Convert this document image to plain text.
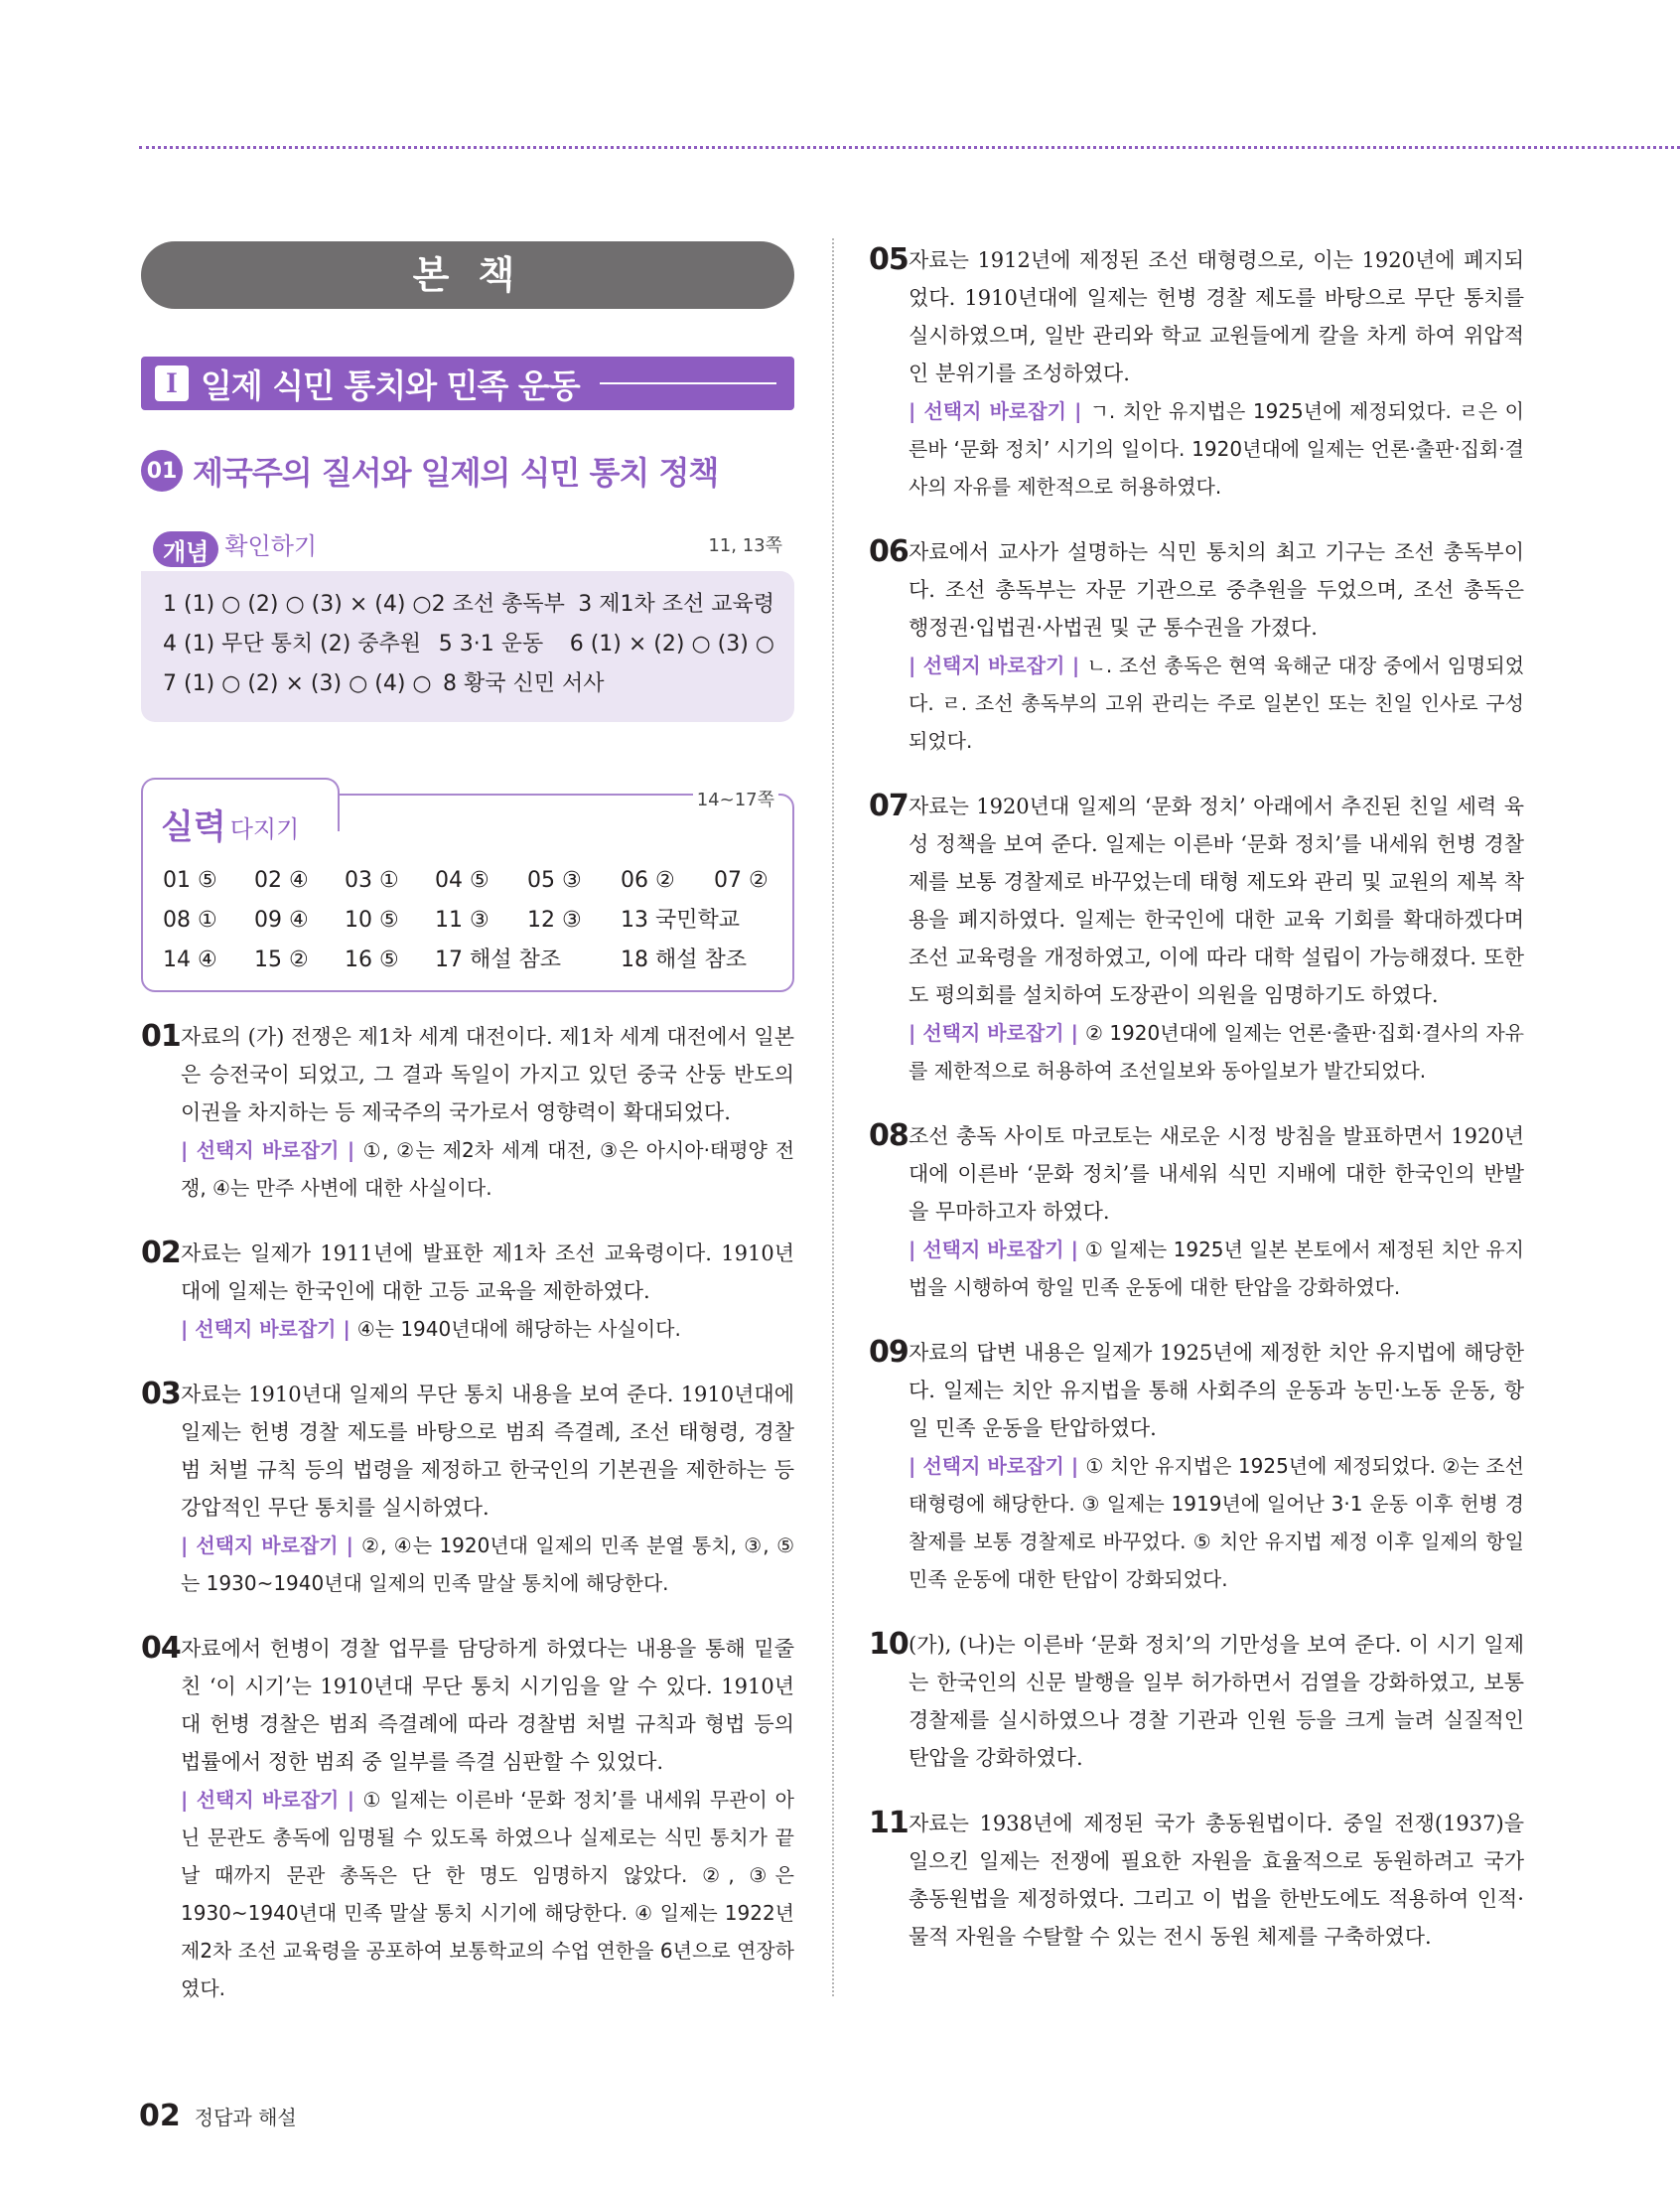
본 책
I 일제 식민 통치와 민족 운동
01 제국주의 질서와 일제의 식민 통치 정책
개념 확인하기	11, 13쪽
1 (1) ○ (2) ○ (3) × (4) ○ 2 조선 총독부 3 제1차 조선 교육령
4 (1) 무단 통치 (2) 중추원 5 3·1 운동	6 (1) × (2) ○ (3) ○
7 (1) ○ (2) × (3) ○ (4) ○ 8 황국 신민 서사
실력 다지기
14~17쪽
01 ⑤	02 ④	03 ①	04 ⑤	05 ③	06 ②	07 ②
08 ①	09 ④	10 ⑤	11 ③	12 ③	13 국민학교
14 ④	15 ②	16 ⑤	17 해설 참조	18 해설 참조
01 자료의 (가) 전쟁은 제1차 세계 대전이다. 제1차 세계 대전에서 일본은 승전국이 되었고, 그 결과 독일이 가지고 있던 중국 산둥 반도의 이권을 차지하는 등 제국주의 국가로서 영향력이 확대되었다.

| 선택지 바로잡기 | ①, ②는 제2차 세계 대전, ③은 아시아·태평양 전쟁, ④는 만주 사변에 대한 사실이다.

02 자료는 일제가 1911년에 발표한 제1차 조선 교육령이다. 1910년대에 일제는 한국인에 대한 고등 교육을 제한하였다.

| 선택지 바로잡기 | ④는 1940년대에 해당하는 사실이다.

03 자료는 1910년대 일제의 무단 통치 내용을 보여 준다. 1910년대에 일제는 헌병 경찰 제도를 바탕으로 범죄 즉결례, 조선 태형령, 경찰범 처벌 규칙 등의 법령을 제정하고 한국인의 기본권을 제한하는 등 강압적인 무단 통치를 실시하였다.

| 선택지 바로잡기 | ②, ④는 1920년대 일제의 민족 분열 통치, ③, ⑤는 1930~1940년대 일제의 민족 말살 통치에 해당한다.

04 자료에서 헌병이 경찰 업무를 담당하게 하였다는 내용을 통해 밑줄 친 ‘이 시기’는 1910년대 무단 통치 시기임을 알 수 있다. 1910년대 헌병 경찰은 범죄 즉결례에 따라 경찰범 처벌 규칙과 형법 등의 법률에서 정한 범죄 중 일부를 즉결 심판할 수 있었다.

| 선택지 바로잡기 | ① 일제는 이른바 ‘문화 정치’를 내세워 무관이 아닌 문관도 총독에 임명될 수 있도록 하였으나 실제로는 식민 통치가 끝날 때까지 문관 총독은 단 한 명도 임명하지 않았다. ②, ③은 1930~1940년대 민족 말살 통치 시기에 해당한다. ④ 일제는 1922년 제2차 조선 교육령을 공포하여 보통학교의 수업 연한을 6년으로 연장하였다.

05 자료는 1912년에 제정된 조선 태형령으로, 이는 1920년에 폐지되었다. 1910년대에 일제는 헌병 경찰 제도를 바탕으로 무단 통치를 실시하였으며, 일반 관리와 학교 교원들에게 칼을 차게 하여 위압적인 분위기를 조성하였다.

| 선택지 바로잡기 | ㄱ. 치안 유지법은 1925년에 제정되었다. ㄹ은 이른바 ‘문화 정치’ 시기의 일이다. 1920년대에 일제는 언론·출판·집회·결사의 자유를 제한적으로 허용하였다.

06 자료에서 교사가 설명하는 식민 통치의 최고 기구는 조선 총독부이다. 조선 총독부는 자문 기관으로 중추원을 두었으며, 조선 총독은 행정권·입법권·사법권 및 군 통수권을 가졌다.

| 선택지 바로잡기 | ㄴ. 조선 총독은 현역 육해군 대장 중에서 임명되었다. ㄹ. 조선 총독부의 고위 관리는 주로 일본인 또는 친일 인사로 구성되었다.

07 자료는 1920년대 일제의 ‘문화 정치’ 아래에서 추진된 친일 세력 육성 정책을 보여 준다. 일제는 이른바 ‘문화 정치’를 내세워 헌병 경찰제를 보통 경찰제로 바꾸었는데 태형 제도와 관리 및 교원의 제복 착용을 폐지하였다. 일제는 한국인에 대한 교육 기회를 확대하겠다며 조선 교육령을 개정하였고, 이에 따라 대학 설립이 가능해졌다. 또한 도 평의회를 설치하여 도장관이 의원을 임명하기도 하였다.

| 선택지 바로잡기 | ② 1920년대에 일제는 언론·출판·집회·결사의 자유를 제한적으로 허용하여 조선일보와 동아일보가 발간되었다.

08 조선 총독 사이토 마코토는 새로운 시정 방침을 발표하면서 1920년대에 이른바 ‘문화 정치’를 내세워 식민 지배에 대한 한국인의 반발을 무마하고자 하였다.

| 선택지 바로잡기 | ① 일제는 1925년 일본 본토에서 제정된 치안 유지법을 시행하여 항일 민족 운동에 대한 탄압을 강화하였다.

09 자료의 답변 내용은 일제가 1925년에 제정한 치안 유지법에 해당한다. 일제는 치안 유지법을 통해 사회주의 운동과 농민·노동 운동, 항일 민족 운동을 탄압하였다.

| 선택지 바로잡기 | ① 치안 유지법은 1925년에 제정되었다. ②는 조선 태형령에 해당한다. ③ 일제는 1919년에 일어난 3·1 운동 이후 헌병 경찰제를 보통 경찰제로 바꾸었다. ⑤ 치안 유지법 제정 이후 일제의 항일 민족 운동에 대한 탄압이 강화되었다.

10 (가), (나)는 이른바 ‘문화 정치’의 기만성을 보여 준다. 이 시기 일제는 한국인의 신문 발행을 일부 허가하면서 검열을 강화하였고, 보통 경찰제를 실시하였으나 경찰 기관과 인원 등을 크게 늘려 실질적인 탄압을 강화하였다.

11 자료는 1938년에 제정된 국가 총동원법이다. 중일 전쟁(1937)을 일으킨 일제는 전쟁에 필요한 자원을 효율적으로 동원하려고 국가 총동원법을 제정하였다. 그리고 이 법을 한반도에도 적용하여 인적·물적 자원을 수탈할 수 있는 전시 동원 체제를 구축하였다.

02 정답과 해설
